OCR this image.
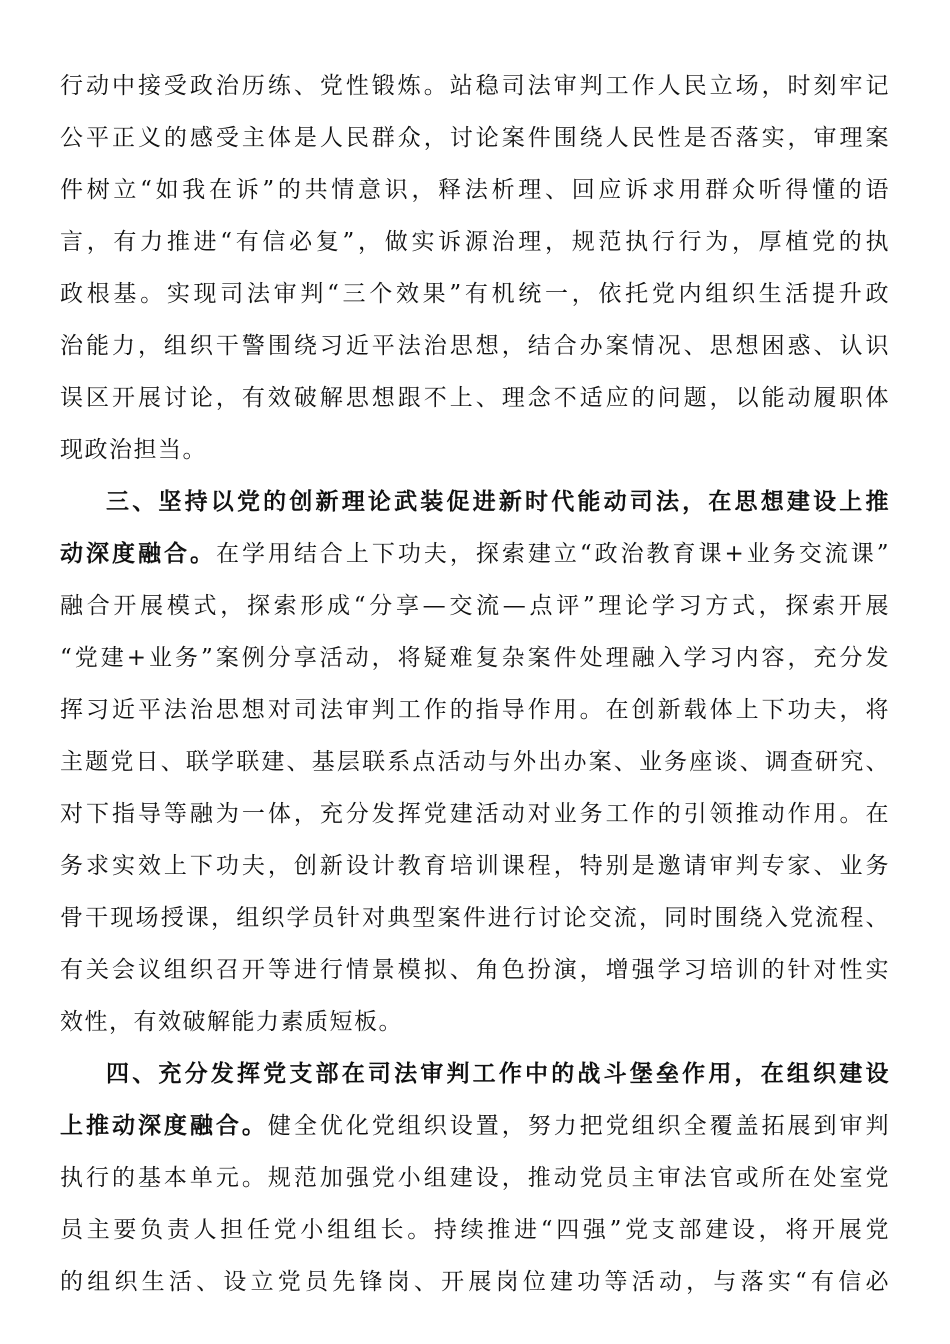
行动中接受政治历练、党性锻炼。站稳司法审判工作人民立场，时刻牢记
公平正义的感受主体是人民群众，讨论案件围绕人民性是否落实，审理案
件树立“如我在诉”的共情意识，释法析理、回应诉求用群众听得懂的语
言，有力推进“有信必复”，做实诉源治理，规范执行行为，厚植党的执
政根基。实现司法审判“三个效果”有机统一，依托党内组织生活提升政
治能力，组织干警围绕习近平法治思想，结合办案情况、思想困惑、认识
误区开展讨论，有效破解思想跟不上、理念不适应的问题，以能动履职体
现政治担当。
三、坚持以党的创新理论武装促进新时代能动司法，在思想建设上推
动深度融合。在学用结合上下功夫，探索建立“政治教育课+业务交流课”
融合开展模式，探索形成“分享—交流—点评”理论学习方式，探索开展
“党建+业务”案例分享活动，将疑难复杂案件处理融入学习内容，充分发
挥习近平法治思想对司法审判工作的指导作用。在创新载体上下功夫，将
主题党日、联学联建、基层联系点活动与外出办案、业务座谈、调查研究、
对下指导等融为一体，充分发挥党建活动对业务工作的引领推动作用。在
务求实效上下功夫，创新设计教育培训课程，特别是邀请审判专家、业务
骨干现场授课，组织学员针对典型案件进行讨论交流，同时围绕入党流程、
有关会议组织召开等进行情景模拟、角色扮演，增强学习培训的针对性实
效性，有效破解能力素质短板。
四、充分发挥党支部在司法审判工作中的战斗堡垒作用，在组织建设
上推动深度融合。健全优化党组织设置，努力把党组织全覆盖拓展到审判
执行的基本单元。规范加强党小组建设，推动党员主审法官或所在处室党
员主要负责人担任党小组组长。持续推进“四强”党支部建设，将开展党
的组织生活、设立党员先锋岗、开展岗位建功等活动，与落实“有信必
